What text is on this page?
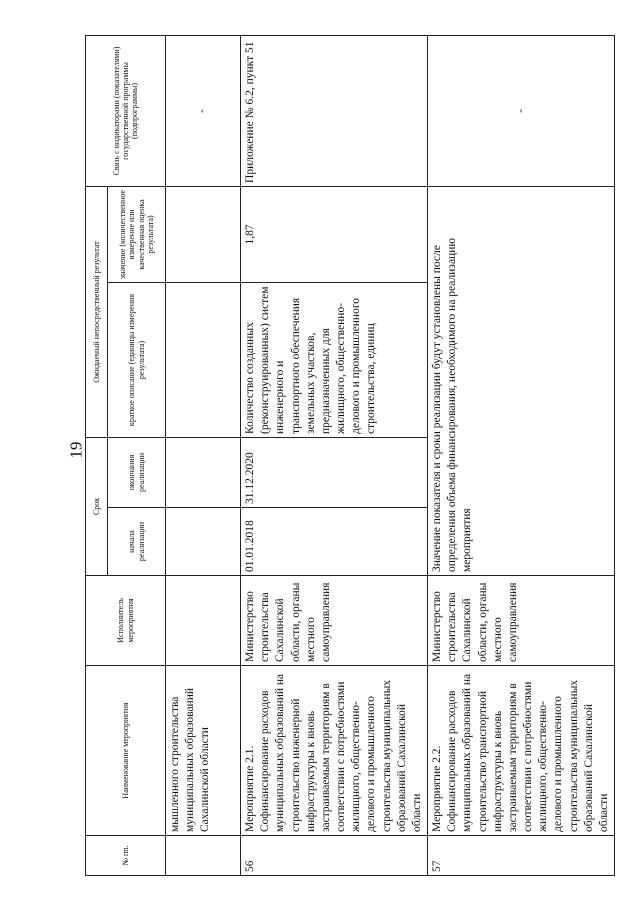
19
№ пп.	Наименование мероприятия	Исполнитель мероприятия	Срок		Ожидаемый непосредственный результат		Связь с индикаторами (показателями) государственной программы (подпрограммы)
			начала реализации	окончания реализации	краткое описание (единицы измерения результата)	значение (количественное измерение или качественная оценка результата)	
	мышленного строительства муниципальных образований Сахалинской области						-
56	Мероприятие 2.1. Софинансирование расходов муниципальных образований на строительство инженерной инфраструктуры к вновь застраиваемым территориям в соответствии с потребностями жилищного, общественно-делового и промышленного строительства муниципальных образований Сахалинской области	Министерство строительства Сахалинской области, органы местного самоуправления	01.01.2018	31.12.2020	Количество созданных (реконструированных) систем инженерного и транспортного обеспечения земельных участков, предназначенных для жилищного, общественно-делового и промышленного строительства, единиц	1,87	Приложение № 6.2, пункт 51
57	Мероприятие 2.2. Софинансирование расходов муниципальных образований на строительство транспортной инфраструктуры к вновь застраиваемым территориям в соответствии с потребностями жилищного, общественно-делового и промышленного строительства муниципальных образований Сахалинской области	Министерство строительства Сахалинской области, органы местного самоуправления	Значение показателя и сроки реализации будут установлены после определения объема финансирования, необходимого на реализацию мероприятия				-
